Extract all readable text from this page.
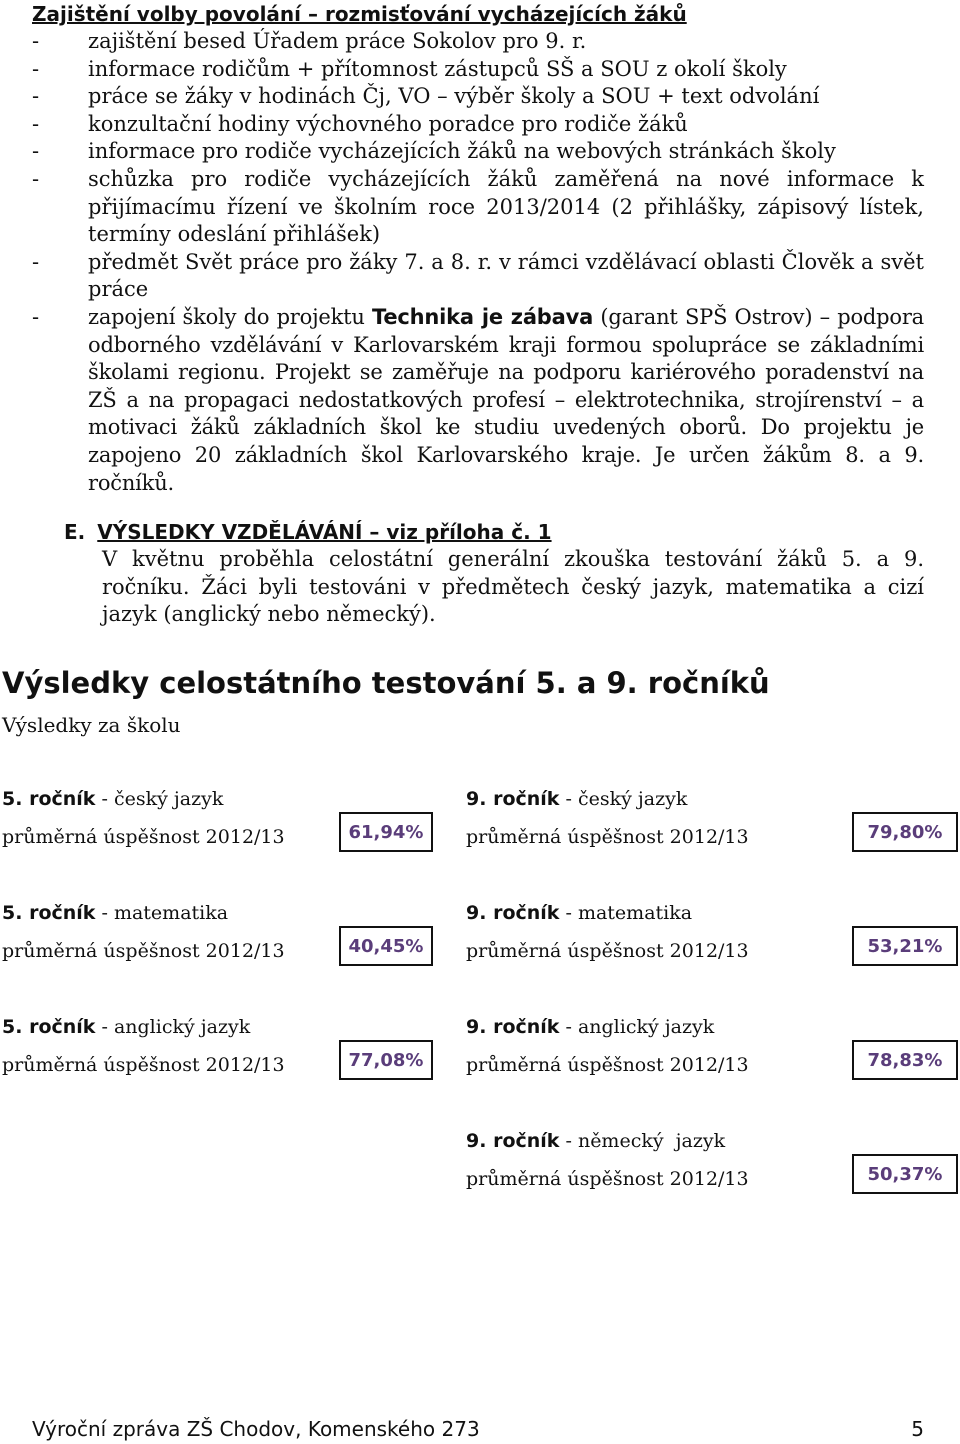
Zajištění volby povolání – rozmisťování vycházejících žáků
- zajištění besed Úřadem práce Sokolov pro 9. r.
- informace rodičům + přítomnost zástupců SŠ a SOU z okolí školy
- práce se žáky v hodinách Čj, VO – výběr školy a SOU + text odvolání
- konzultační hodiny výchovného poradce pro rodiče žáků
- informace pro rodiče vycházejících žáků na webových stránkách školy
- schůzka pro rodiče vycházejících žáků zaměřená na nové informace k přijímacímu řízení ve školním roce 2013/2014 (2 přihlášky, zápisový lístek, termíny odeslání přihlášek)
- předmět Svět práce pro žáky 7. a 8. r. v rámci vzdělávací oblasti Člověk a svět práce
- zapojení školy do projektu Technika je zábava (garant SPŠ Ostrov) – podpora odborného vzdělávání v Karlovarském kraji formou spolupráce se základními školami regionu. Projekt se zaměřuje na podporu kariérového poradenství na ZŠ a na propagaci nedostatkových profesí – elektrotechnika, strojírenství – a motivaci žáků základních škol ke studiu uvedených oborů. Do projektu je zapojeno 20 základních škol Karlovarského kraje. Je určen žákům 8. a 9. ročníků.
E. VÝSLEDKY VZDĚLÁVÁNÍ – viz příloha č. 1
V květnu proběhla celostátní generální zkouška testování žáků 5. a 9. ročníku. Žáci byli testováni v předmětech český jazyk, matematika a cizí jazyk (anglický nebo německý).
Výsledky celostátního testování 5. a 9. ročníků
Výsledky za školu
5. ročník - český jazyk
průměrná úspěšnost 2012/13	61,94%
9. ročník - český jazyk
průměrná úspěšnost 2012/13	79,80%
5. ročník - matematika
průměrná úspěšnost 2012/13	40,45%
9. ročník - matematika
průměrná úspěšnost 2012/13	53,21%
5. ročník - anglický jazyk
průměrná úspěšnost 2012/13	77,08%
9. ročník - anglický jazyk
průměrná úspěšnost 2012/13	78,83%
9. ročník - německý  jazyk
průměrná úspěšnost 2012/13	50,37%
Výroční zpráva ZŠ Chodov, Komenského 273	5
